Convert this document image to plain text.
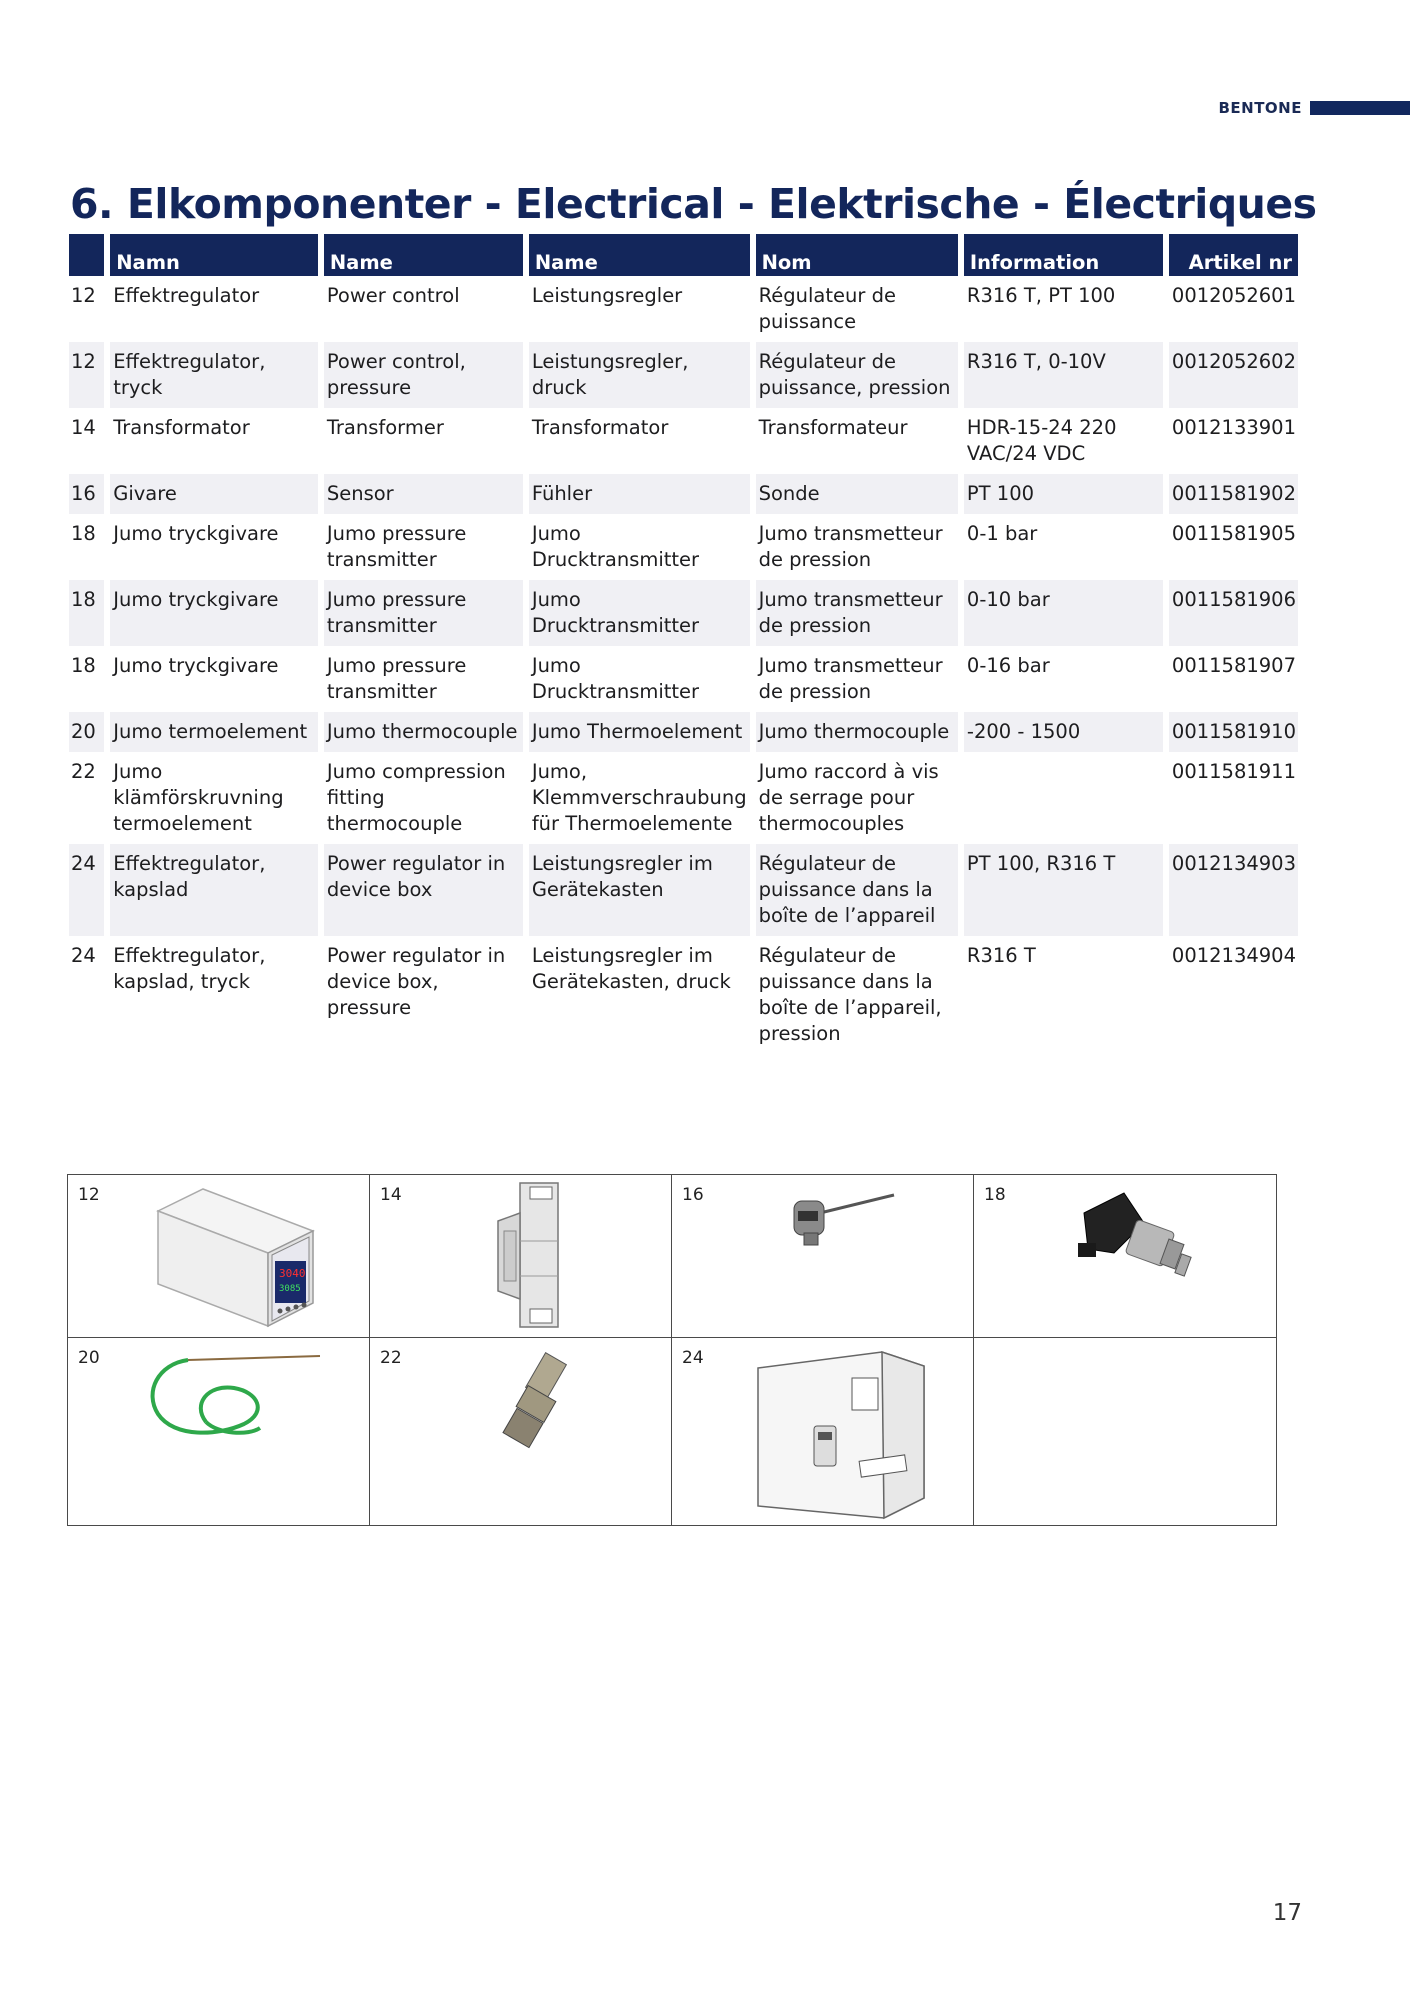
BENTONE
6. Elkomponenter - Electrical - Elektrische - Électriques
	Namn	Name	Name	Nom	Information	Artikel nr
12	Effektregulator	Power control	Leistungsregler	Régulateur de puissance	R316 T, PT 100	0012052601
12	Effektregulator, tryck	Power control, pressure	Leistungsregler, druck	Régulateur de puissance, pression	R316 T, 0-10V	0012052602
14	Transformator	Transformer	Transformator	Transformateur	HDR-15-24 220 VAC/24 VDC	0012133901
16	Givare	Sensor	Fühler	Sonde	PT 100	0011581902
18	Jumo tryckgivare	Jumo pressure transmitter	Jumo Drucktransmitter	Jumo transmetteur de pression	0-1 bar	0011581905
18	Jumo tryckgivare	Jumo pressure transmitter	Jumo Drucktransmitter	Jumo transmetteur de pression	0-10 bar	0011581906
18	Jumo tryckgivare	Jumo pressure transmitter	Jumo Drucktransmitter	Jumo transmetteur de pression	0-16 bar	0011581907
20	Jumo termoelement	Jumo thermocouple	Jumo Thermoelement	Jumo thermocouple	-200 - 1500	0011581910
22	Jumo klämförskruvning termoelement	Jumo compression fitting thermocouple	Jumo, Klemmverschraubung für Thermoelemente	Jumo raccord à vis de serrage pour thermocouples		0011581911
24	Effektregulator, kapslad	Power regulator in device box	Leistungsregler im Gerätekasten	Régulateur de puissance dans la boîte de l’appareil	PT 100, R316 T	0012134903
24	Effektregulator, kapslad, tryck	Power regulator in device box, pressure	Leistungsregler im Gerätekasten, druck	Régulateur de puissance dans la boîte de l’appareil, pression	R316 T	0012134904
12
3040
3085
14	16	18
20	22	24
17
